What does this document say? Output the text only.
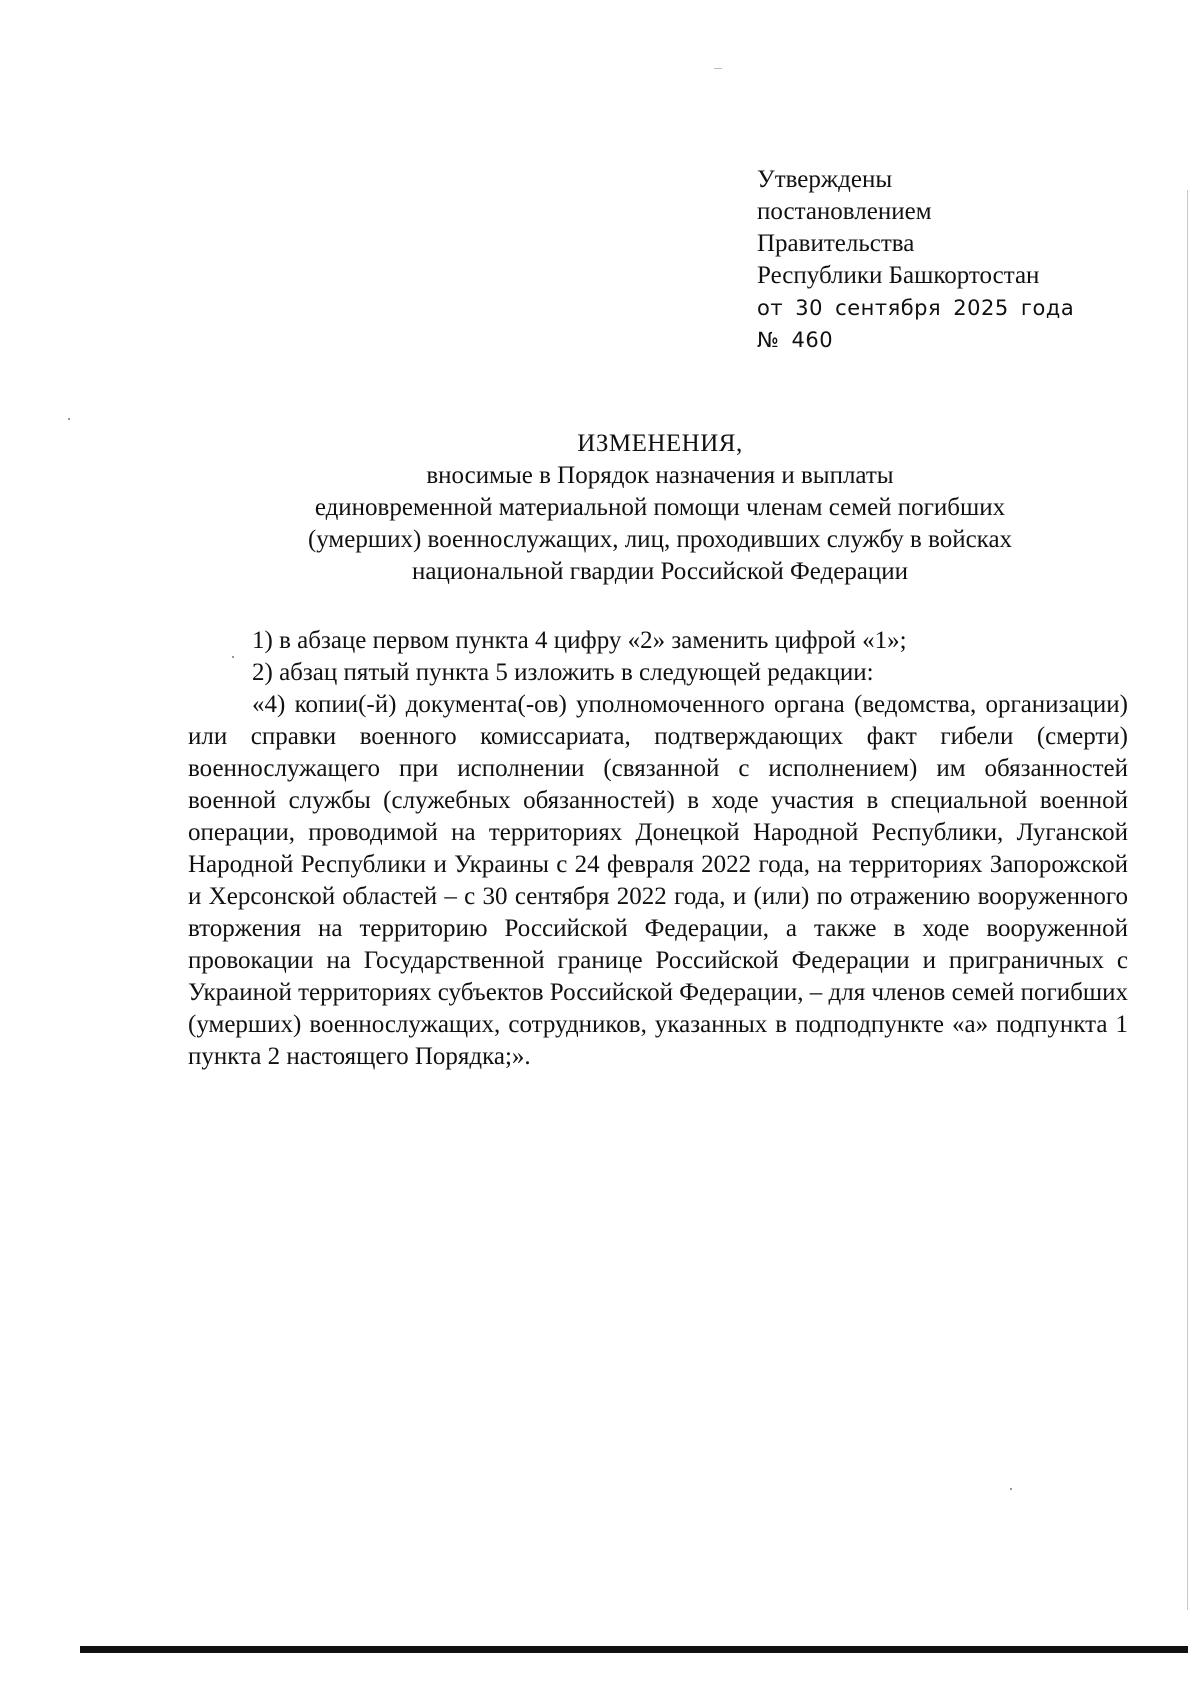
Утверждены
постановлением
Правительства
Республики Башкортостан
от 30 сентября 2025 года
№ 460
ИЗМЕНЕНИЯ,
вносимые в Порядок назначения и выплаты
единовременной материальной помощи членам семей погибших
(умерших) военнослужащих, лиц, проходивших службу в войсках
национальной гвардии Российской Федерации
1) в абзаце первом пункта 4 цифру «2» заменить цифрой «1»;
2) абзац пятый пункта 5 изложить в следующей редакции:

«4) копии(-й) документа(-ов) уполномоченного органа (ведомства, организации) или справки военного комиссариата, подтверждающих факт гибели (смерти) военнослужащего при исполнении (связанной с исполнением) им обязанностей военной службы (служебных обязанностей) в ходе участия в специальной военной операции, проводимой на территориях Донецкой Народной Республики, Луганской Народной Республики и Украины с 24 февраля 2022 года, на территориях Запорожской и Херсонской областей – с 30 сентября 2022 года, и (или) по отражению вооруженного вторжения на территорию Российской Федерации, а также в ходе вооруженной провокации на Государственной границе Российской Федерации и приграничных с Украиной территориях субъектов Российской Федерации, – для членов семей погибших (умерших) военнослужащих, сотрудников, указанных в подподпункте «а» подпункта 1 пункта 2 настоящего Порядка;».
